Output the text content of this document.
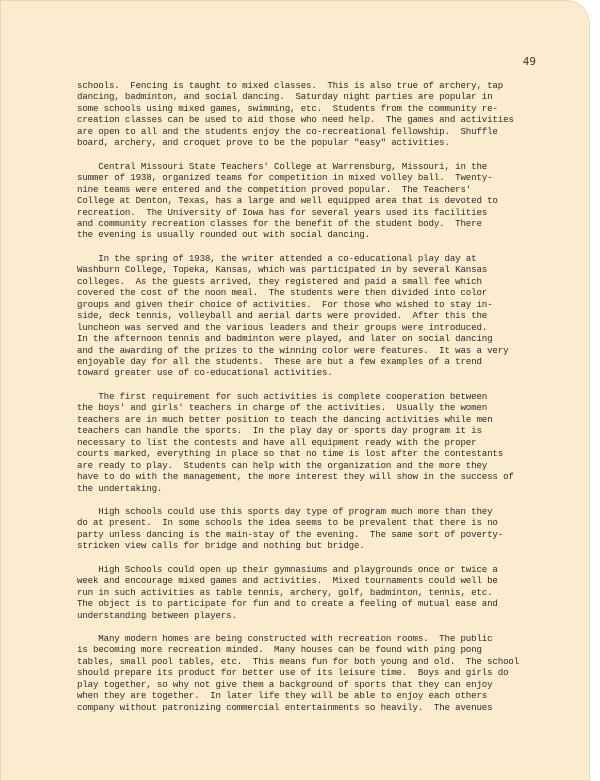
49
schools.  Fencing is taught to mixed classes.  This is also true of archery, tap
dancing, badminton, and social dancing.  Saturday night parties are popular in
some schools using mixed games, swimming, etc.  Students from the community re-
creation classes can be used to aid those who need help.  The games and activities
are open to all and the students enjoy the co-recreational fellowship.  Shuffle
board, archery, and croquet prove to be the popular "easy" activities.
Central Missouri State Teachers' College at Warrensburg, Missouri, in the
summer of 1938, organized teams for competition in mixed volley ball.  Twenty-
nine teams were entered and the competition proved popular.  The Teachers'
College at Denton, Texas, has a large and well equipped area that is devoted to
recreation.  The University of Iowa has for several years used its facilities
and community recreation classes for the benefit of the student body.  There
the evening is usually rounded out with social dancing.
In the spring of 1938, the writer attended a co-educational play day at
Washburn College, Topeka, Kansas, which was participated in by several Kansas
colleges.  As the guests arrived, they registered and paid a small fee which
covered the cost of the noon meal.  The students were then divided into color
groups and given their choice of activities.  For those who wished to stay in-
side, deck tennis, volleyball and aerial darts were provided.  After this the
luncheon was served and the various leaders and their groups were introduced.
In the afternoon tennis and badminton were played, and later on social dancing
and the awarding of the prizes to the winning color were features.  It was a very
enjoyable day for all the students.  These are but a few examples of a trend
toward greater use of co-educational activities.
The first requirement for such activities is complete cooperation between
the boys' and girls' teachers in charge of the activities.  Usually the women
teachers are in much better position to teach the dancing activities while men
teachers can handle the sports.  In the play day or sports day program it is
necessary to list the contests and have all equipment ready with the proper
courts marked, everything in place so that no time is lost after the contestants
are ready to play.  Students can help with the organization and the more they
have to do with the management, the more interest they will show in the success of
the undertaking.
High schools could use this sports day type of program much more than they
do at present.  In some schools the idea seems to be prevalent that there is no
party unless dancing is the main-stay of the evening.  The same sort of poverty-
stricken view calls for bridge and nothing but bridge.
High Schools could open up their gymnasiums and playgrounds once or twice a
week and encourage mixed games and activities.  Mixed tournaments could well be
run in such activities as table tennis, archery, golf, badminton, tennis, etc.
The object is to participate for fun and to create a feeling of mutual ease and
understanding between players.
Many modern homes are being constructed with recreation rooms.  The public
is becoming more recreation minded.  Many houses can be found with ping pong
tables, small pool tables, etc.  This means fun for both young and old.  The school
should prepare its product for better use of its leisure time.  Boys and girls do
play together, so why not give them a background of sports that they can enjoy
when they are together.  In later life they will be able to enjoy each others
company without patronizing commercial entertainments so heavily.  The avenues
